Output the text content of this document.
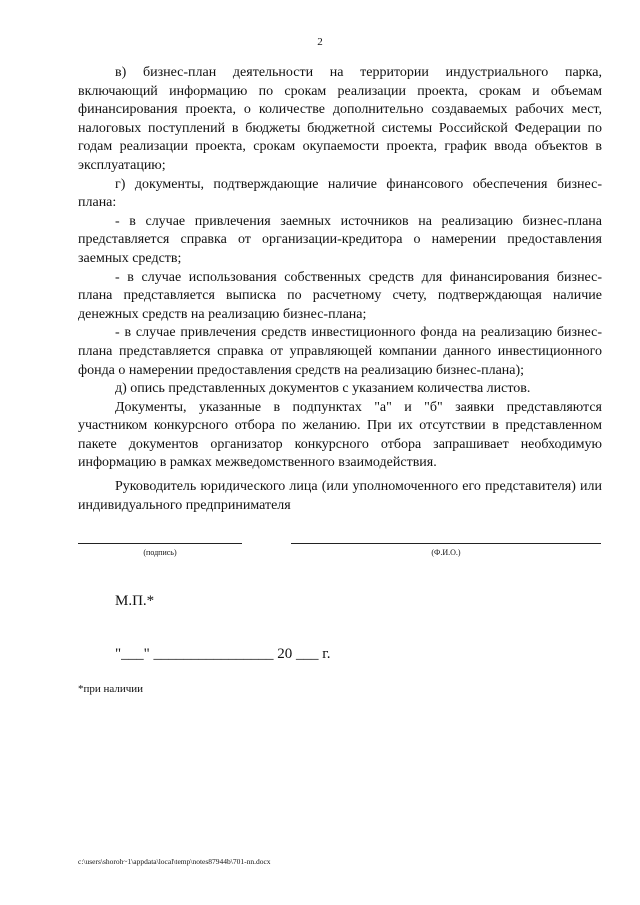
2

в) бизнес-план деятельности на территории индустриального парка, включающий информацию по срокам реализации проекта, срокам и объемам финансирования проекта, о количестве дополнительно создаваемых рабочих мест, налоговых поступлений в бюджеты бюджетной системы Российской Федерации по годам реализации проекта, срокам окупаемости проекта, график ввода объектов в эксплуатацию;

г) документы, подтверждающие наличие финансового обеспечения бизнес-плана:

- в случае привлечения заемных источников на реализацию бизнес-плана представляется справка от организации-кредитора о намерении предоставления заемных средств;

- в случае использования собственных средств для финансирования бизнес-плана представляется выписка по расчетному счету, подтверждающая наличие денежных средств на реализацию бизнес-плана;

- в случае привлечения средств инвестиционного фонда на реализацию бизнес-плана представляется справка от управляющей компании данного инвестиционного фонда о намерении предоставления средств на реализацию бизнес-плана);

д) опись представленных документов с указанием количества листов.

Документы, указанные в подпунктах "а" и "б" заявки представляются участником конкурсного отбора по желанию. При их отсутствии в представленном пакете документов организатор конкурсного отбора запрашивает необходимую информацию в рамках межведомственного взаимодействия.

Руководитель юридического лица (или уполномоченного его представителя) или индивидуального предпринимателя

(подпись)	(Ф.И.О.)
М.П.*
"___" ________________ 20 ___ г.
*при наличии
c:\users\shoroh~1\appdata\local\temp\notes87944b\701-nn.docx
